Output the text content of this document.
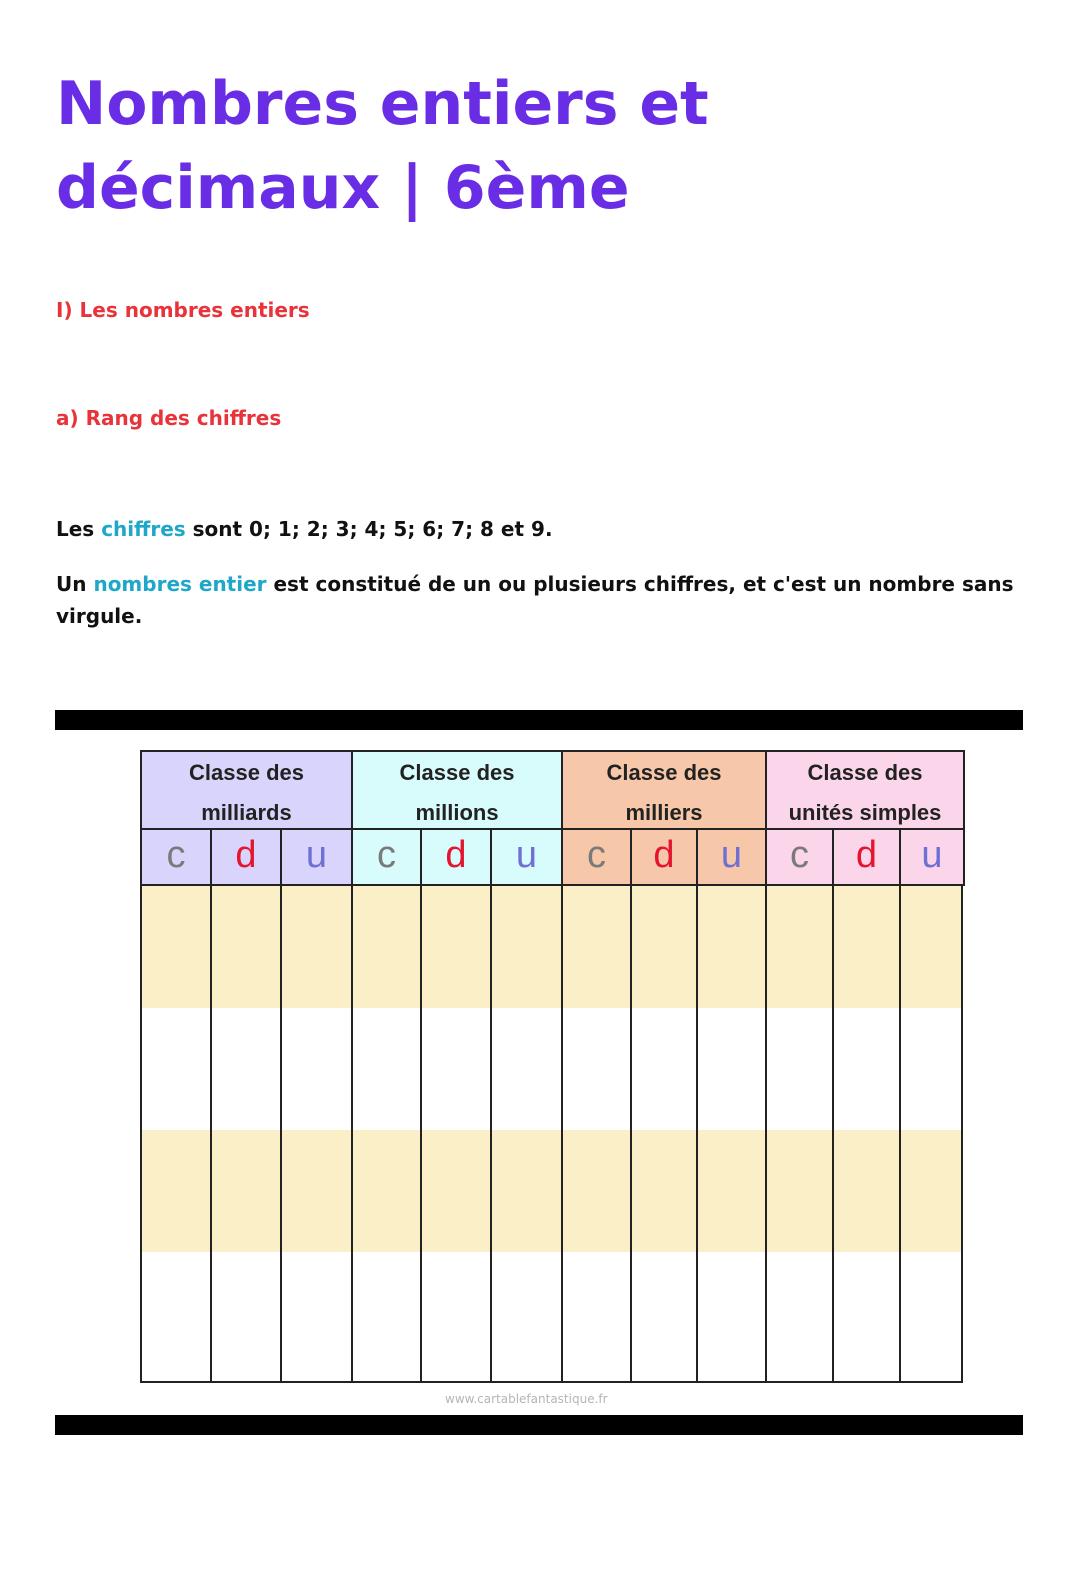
Nombres entiers et décimaux | 6ème
I) Les nombres entiers
a) Rang des chiffres

Les chiffres sont 0; 1; 2; 3; 4; 5; 6; 7; 8 et 9.

Un nombres entier est constitué de un ou plusieurs chiffres, et c'est un nombre sans virgule.

Classe des
milliards
Classe des
millions
Classe des
milliers
Classe des
unités simples
c	d	u	c	d	u	c	d	u	c	d	u
www.cartablefantastique.fr
